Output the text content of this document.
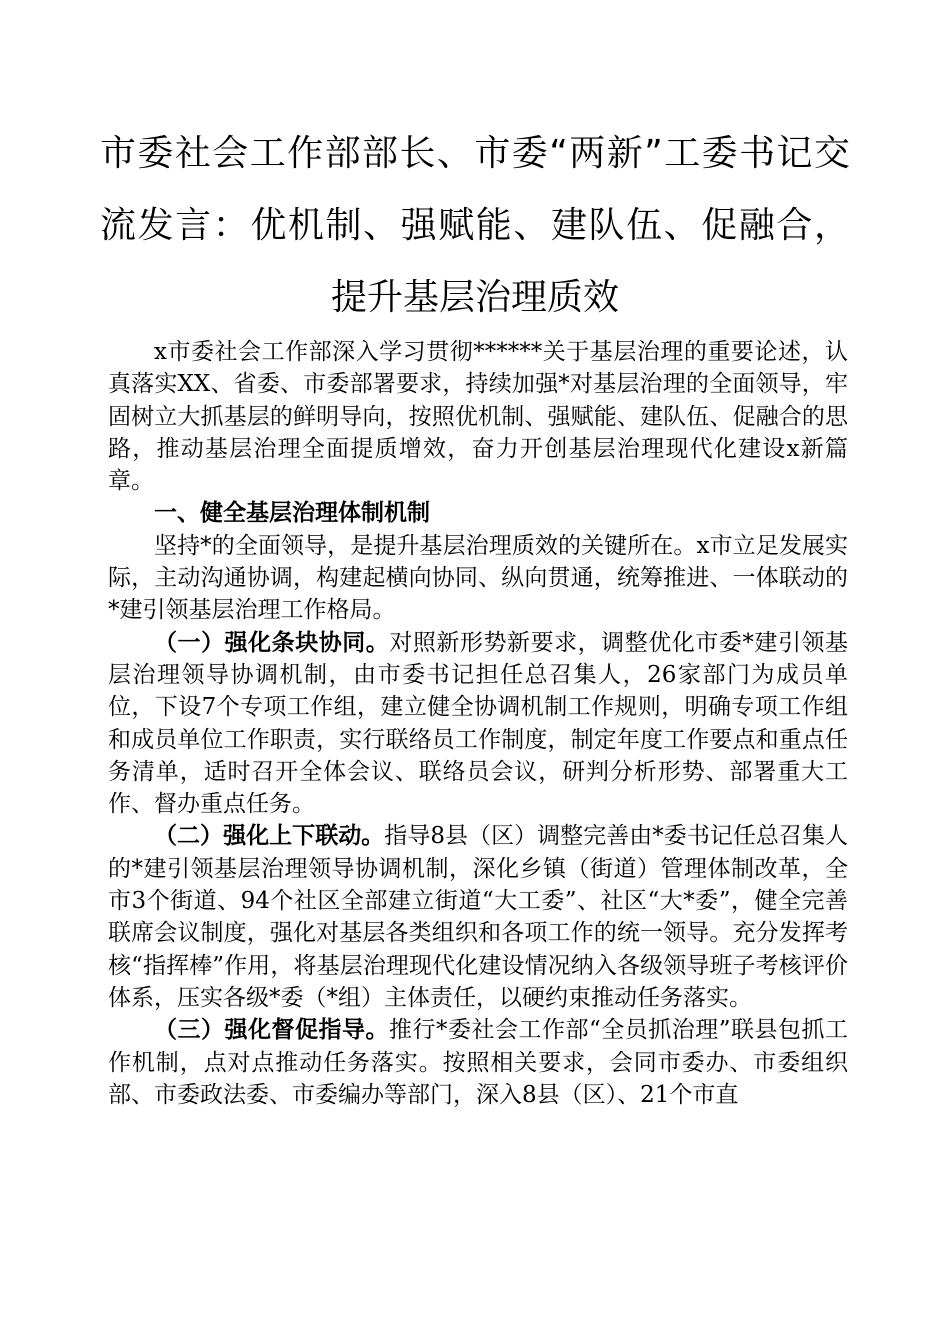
市委社会工作部部长、市委“两新”工委书记交流发言：优机制、强赋能、建队伍、促融合，提升基层治理质效

x市委社会工作部深入学习贯彻******关于基层治理的重要论述，认真落实XX、省委、市委部署要求，持续加强*对基层治理的全面领导，牢固树立大抓基层的鲜明导向，按照优机制、强赋能、建队伍、促融合的思路，推动基层治理全面提质增效，奋力开创基层治理现代化建设x新篇章。

一、健全基层治理体制机制

坚持*的全面领导，是提升基层治理质效的关键所在。x市立足发展实际，主动沟通协调，构建起横向协同、纵向贯通，统筹推进、一体联动的*建引领基层治理工作格局。

（一）强化条块协同。对照新形势新要求，调整优化市委*建引领基层治理领导协调机制，由市委书记担任总召集人，26家部门为成员单位，下设7个专项工作组，建立健全协调机制工作规则，明确专项工作组和成员单位工作职责，实行联络员工作制度，制定年度工作要点和重点任务清单，适时召开全体会议、联络员会议，研判分析形势、部署重大工作、督办重点任务。

（二）强化上下联动。指导8县（区）调整完善由*委书记任总召集人的*建引领基层治理领导协调机制，深化乡镇（街道）管理体制改革，全市3个街道、94个社区全部建立街道“大工委”、社区“大*委”，健全完善联席会议制度，强化对基层各类组织和各项工作的统一领导。充分发挥考核“指挥棒”作用，将基层治理现代化建设情况纳入各级领导班子考核评价体系，压实各级*委（*组）主体责任，以硬约束推动任务落实。

（三）强化督促指导。推行*委社会工作部“全员抓治理”联县包抓工作机制，点对点推动任务落实。按照相关要求，会同市委办、市委组织部、市委政法委、市委编办等部门，深入8县（区）、21个市直
